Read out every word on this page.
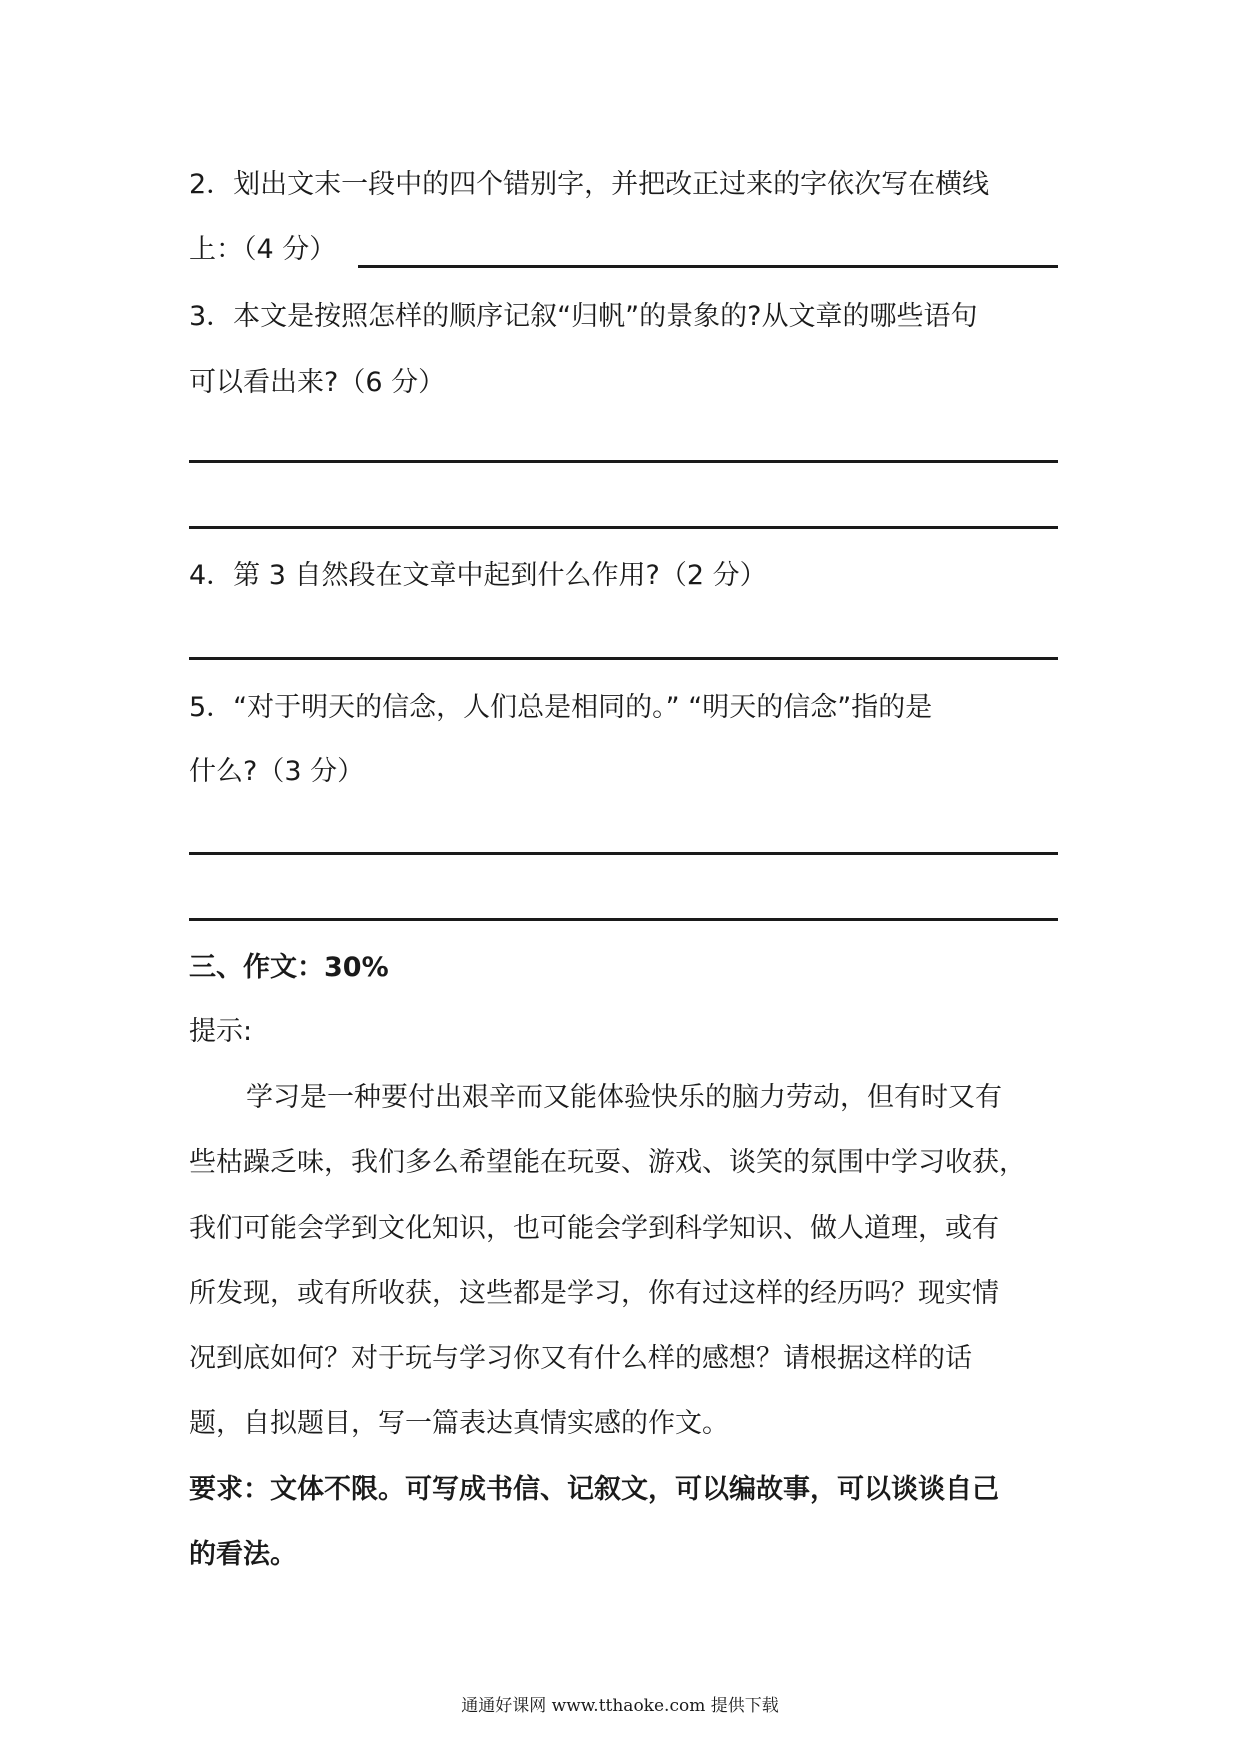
2．划出文末一段中的四个错别字，并把改正过来的字依次写在横线
上：（4 分）
3．本文是按照怎样的顺序记叙“归帆”的景象的?从文章的哪些语句
可以看出来?（6 分）
4．第 3 自然段在文章中起到什么作用?（2 分）
5．“对于明天的信念，人们总是相同的。” “明天的信念”指的是
什么?（3 分）
三、作文：30%
提示:
学习是一种要付出艰辛而又能体验快乐的脑力劳动，但有时又有
些枯躁乏味，我们多么希望能在玩耍、游戏、谈笑的氛围中学习收获，
我们可能会学到文化知识，也可能会学到科学知识、做人道理，或有
所发现，或有所收获，这些都是学习，你有过这样的经历吗？现实情
况到底如何？对于玩与学习你又有什么样的感想？请根据这样的话
题，自拟题目，写一篇表达真情实感的作文。
要求：文体不限。可写成书信、记叙文，可以编故事，可以谈谈自己
的看法。
通通好课网 www.tthaoke.com 提供下载
